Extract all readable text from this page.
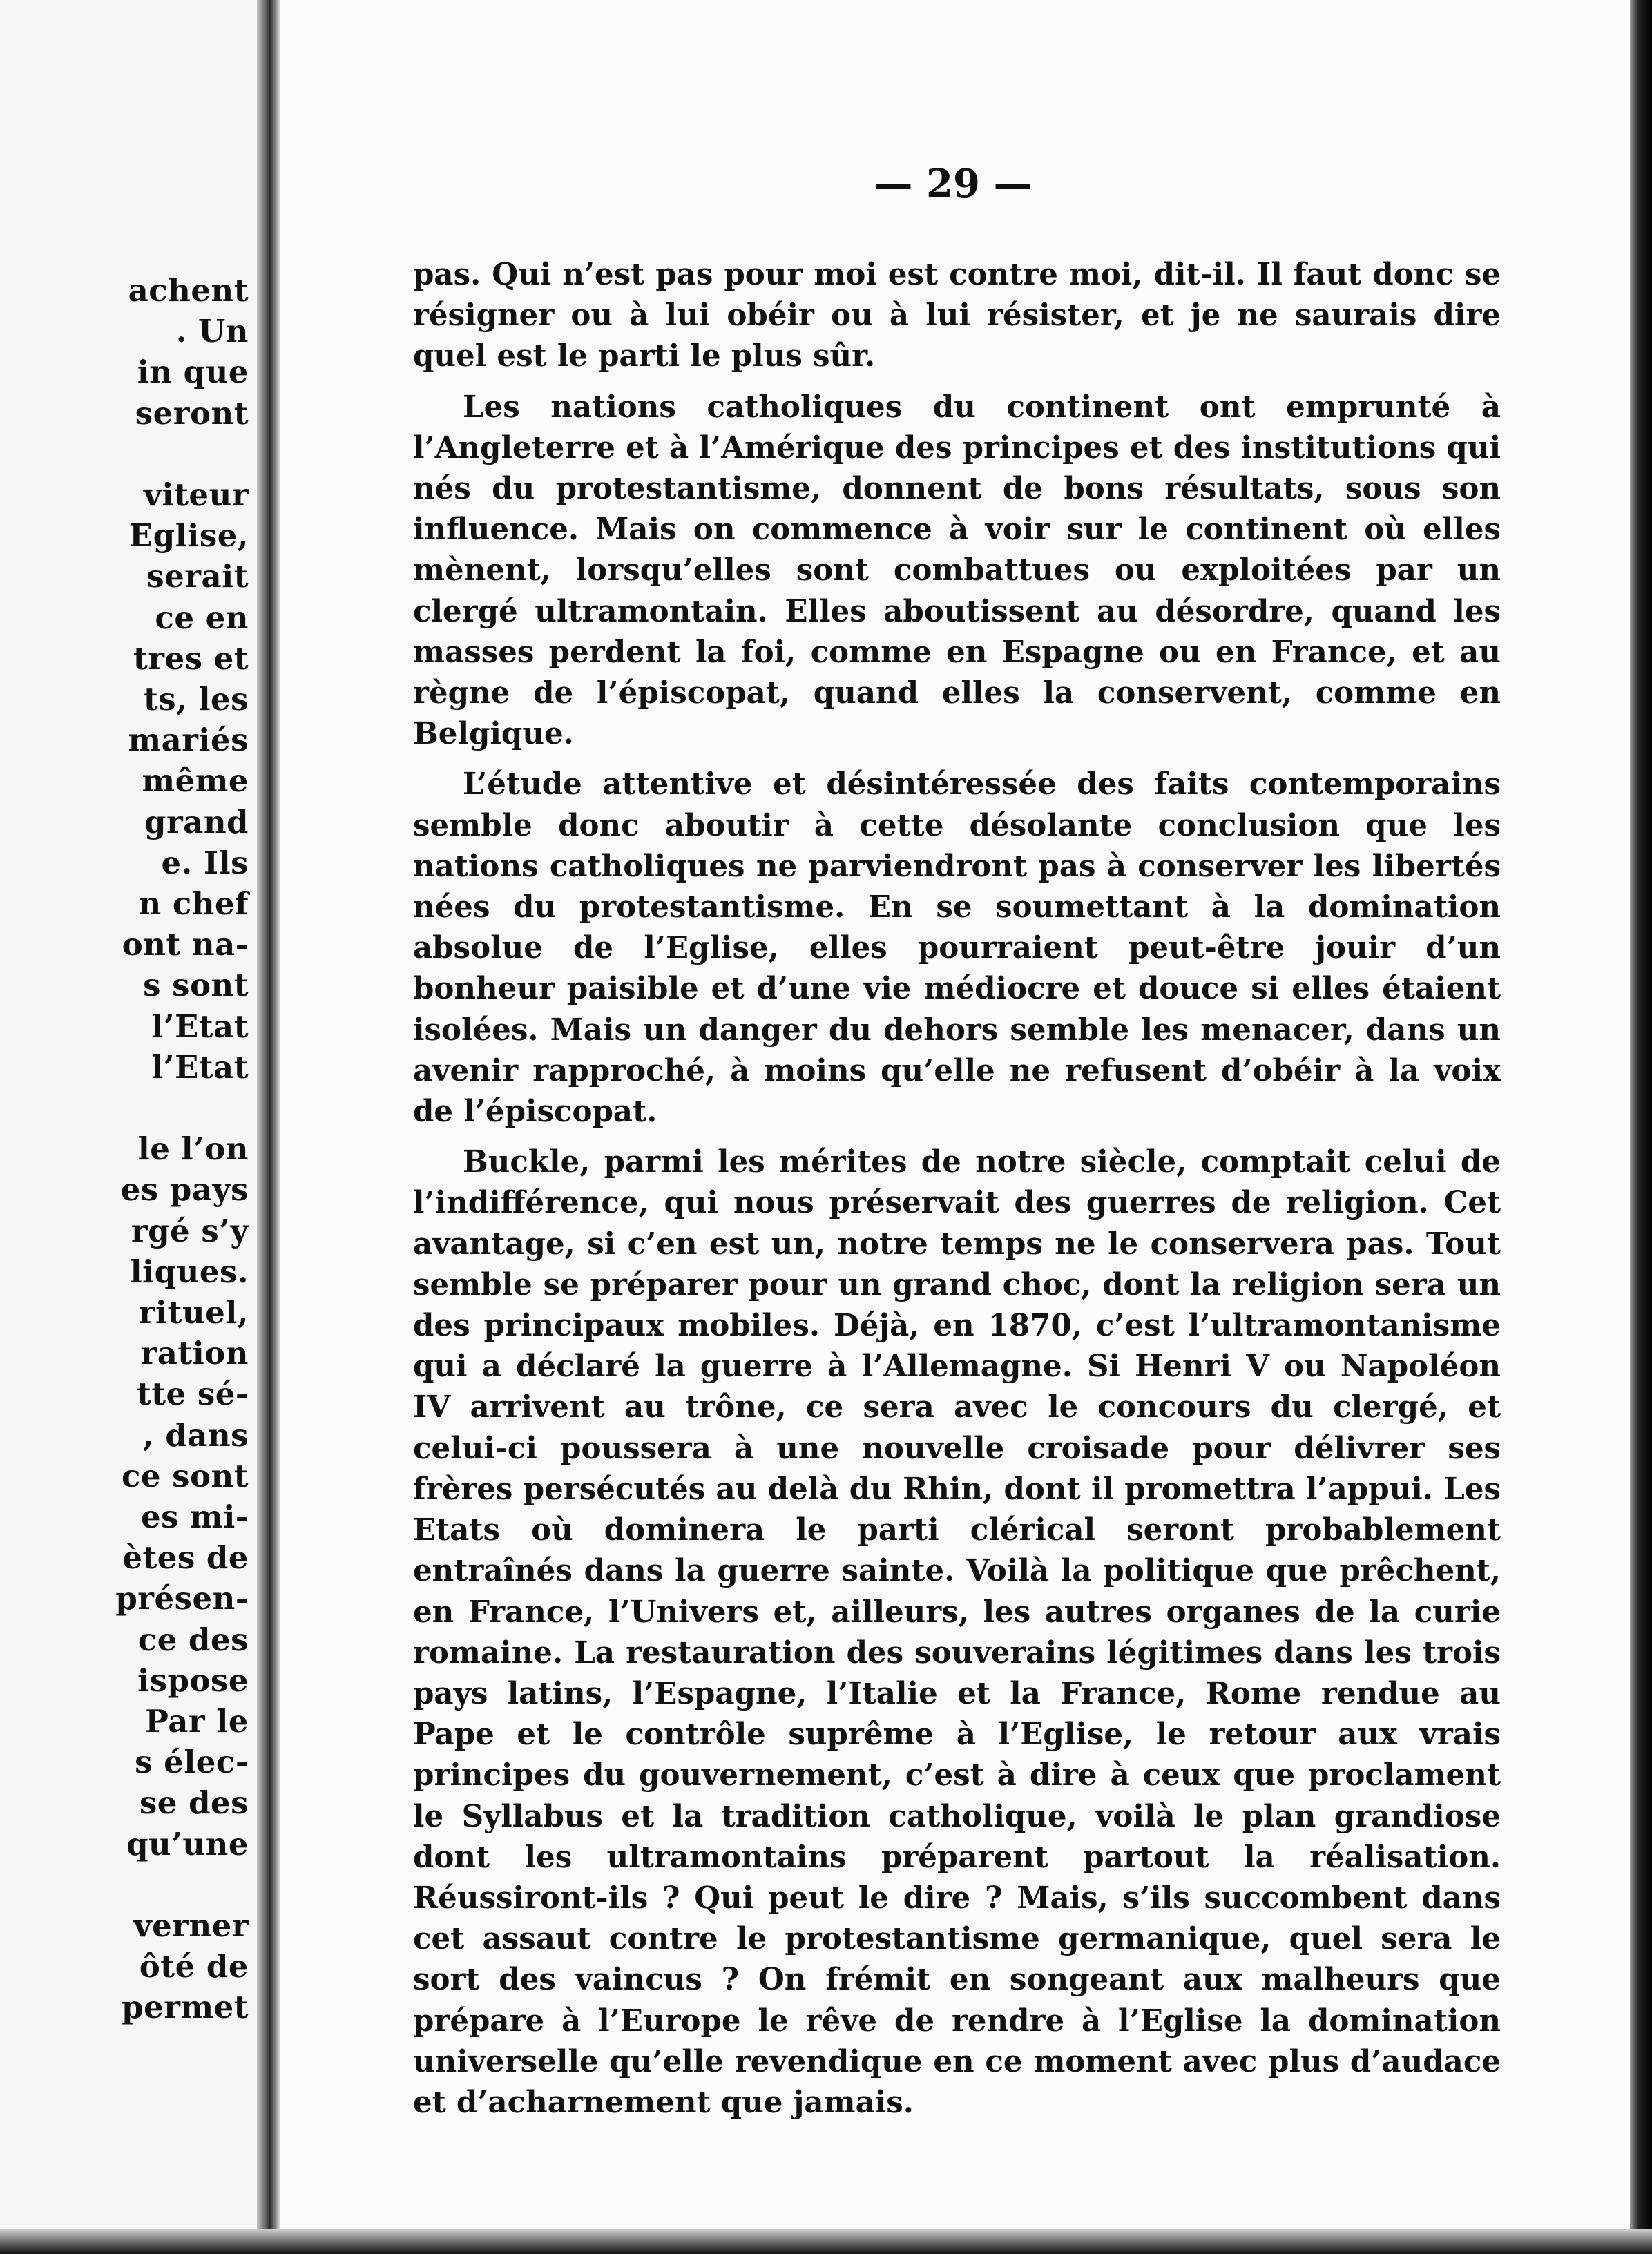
achent
. Un
in que
seront
viteur
Eglise,
serait
ce en
tres et
ts, les
mariés
même
grand
e. Ils
n chef
ont na-
s sont
l’Etat
l’Etat
le l’on
es pays
rgé s’y
liques.
rituel,
ration
tte sé-
, dans
ce sont
es mi-
ètes de
présen-
ce des
ispose
Par le
s élec-
se des
qu’une
verner
ôté de
permet
— 29 —

pas. Qui n’est pas pour moi est contre moi, dit-il. Il faut donc se résigner ou à lui obéir ou à lui résister, et je ne saurais dire quel est le parti le plus sûr.

Les nations catholiques du continent ont emprunté à l’Angleterre et à l’Amérique des principes et des institutions qui nés du protestantisme, donnent de bons résultats, sous son influence. Mais on commence à voir sur le continent où elles mènent, lorsqu’elles sont combattues ou exploitées par un clergé ultramontain. Elles aboutissent au désordre, quand les masses perdent la foi, comme en Espagne ou en France, et au règne de l’épiscopat, quand elles la conservent, comme en Belgique.

L’étude attentive et désintéressée des faits contemporains semble donc aboutir à cette désolante conclusion que les nations catholiques ne parviendront pas à conserver les libertés nées du protestantisme. En se soumettant à la domination absolue de l’Eglise, elles pourraient peut-être jouir d’un bonheur paisible et d’une vie médiocre et douce si elles étaient isolées. Mais un danger du dehors semble les menacer, dans un avenir rapproché, à moins qu’elle ne refusent d’obéir à la voix de l’épiscopat.

Buckle, parmi les mérites de notre siècle, comptait celui de l’indifférence, qui nous préservait des guerres de religion. Cet avantage, si c’en est un, notre temps ne le conservera pas. Tout semble se préparer pour un grand choc, dont la religion sera un des principaux mobiles. Déjà, en 1870, c’est l’ultramontanisme qui a déclaré la guerre à l’Allemagne. Si Henri V ou Napoléon IV arrivent au trône, ce sera avec le concours du clergé, et celui-ci poussera à une nouvelle croisade pour délivrer ses frères persécutés au delà du Rhin, dont il promettra l’appui. Les Etats où dominera le parti clérical seront probablement entraînés dans la guerre sainte. Voilà la politique que prêchent, en France, l’Univers et, ailleurs, les autres organes de la curie romaine. La restauration des souverains légitimes dans les trois pays latins, l’Espagne, l’Italie et la France, Rome rendue au Pape et le contrôle suprême à l’Eglise, le retour aux vrais principes du gouvernement, c’est à dire à ceux que proclament le Syllabus et la tradition catholique, voilà le plan grandiose dont les ultramontains préparent partout la réalisation. Réussiront-ils ? Qui peut le dire ? Mais, s’ils succombent dans cet assaut contre le protestantisme germanique, quel sera le sort des vaincus ? On frémit en songeant aux malheurs que prépare à l’Europe le rêve de rendre à l’Eglise la domination universelle qu’elle revendique en ce moment avec plus d’audace et d’acharnement que jamais.
